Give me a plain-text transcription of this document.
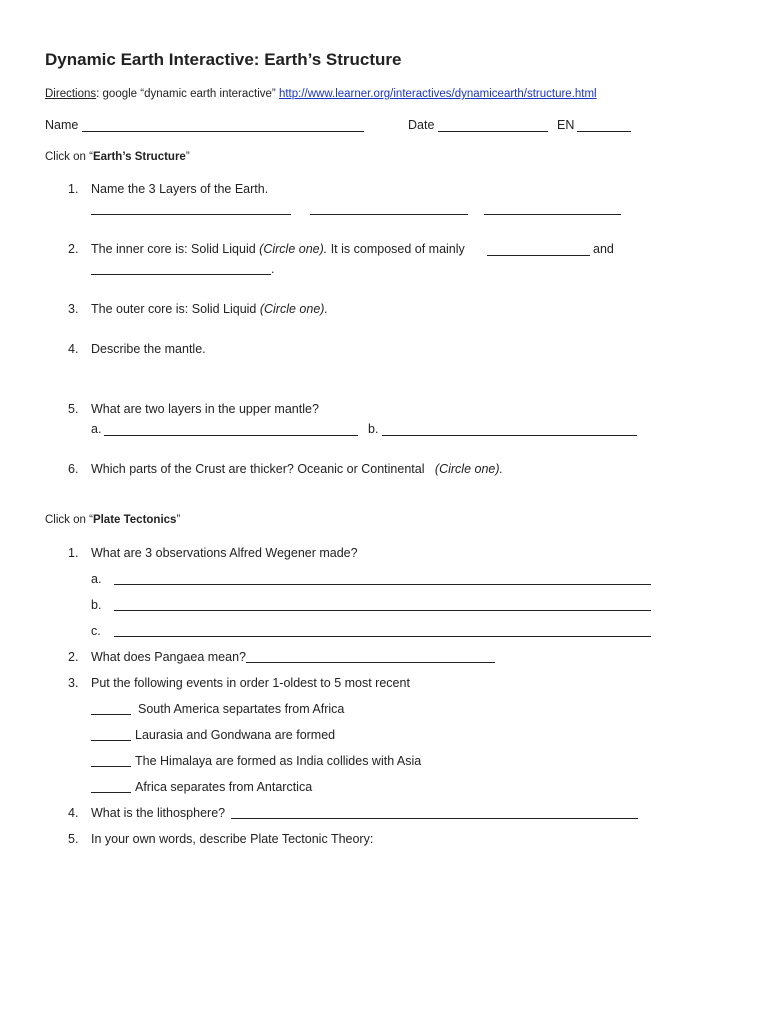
Dynamic Earth Interactive: Earth’s Structure
Directions: google “dynamic earth interactive” http://www.learner.org/interactives/dynamicearth/structure.html
Name	Date	EN
Click on “Earth’s Structure”
1. Name the 3 Layers of the Earth.
2. The inner core is: Solid Liquid (Circle one). It is composed of mainly	and
.
3. The outer core is: Solid Liquid (Circle one).
4. Describe the mantle.
5. What are two layers in the upper mantle?
a.	b.
6. Which parts of the Crust are thicker? Oceanic or Continental (Circle one).
Click on “Plate Tectonics”
1. What are 3 observations Alfred Wegener made?
a.
b.
c.
2. What does Pangaea mean?
3. Put the following events in order 1-oldest to 5 most recent
South America separtates from Africa
Laurasia and Gondwana are formed
The Himalaya are formed as India collides with Asia
Africa separates from Antarctica
4. What is the lithosphere?
5. In your own words, describe Plate Tectonic Theory:
